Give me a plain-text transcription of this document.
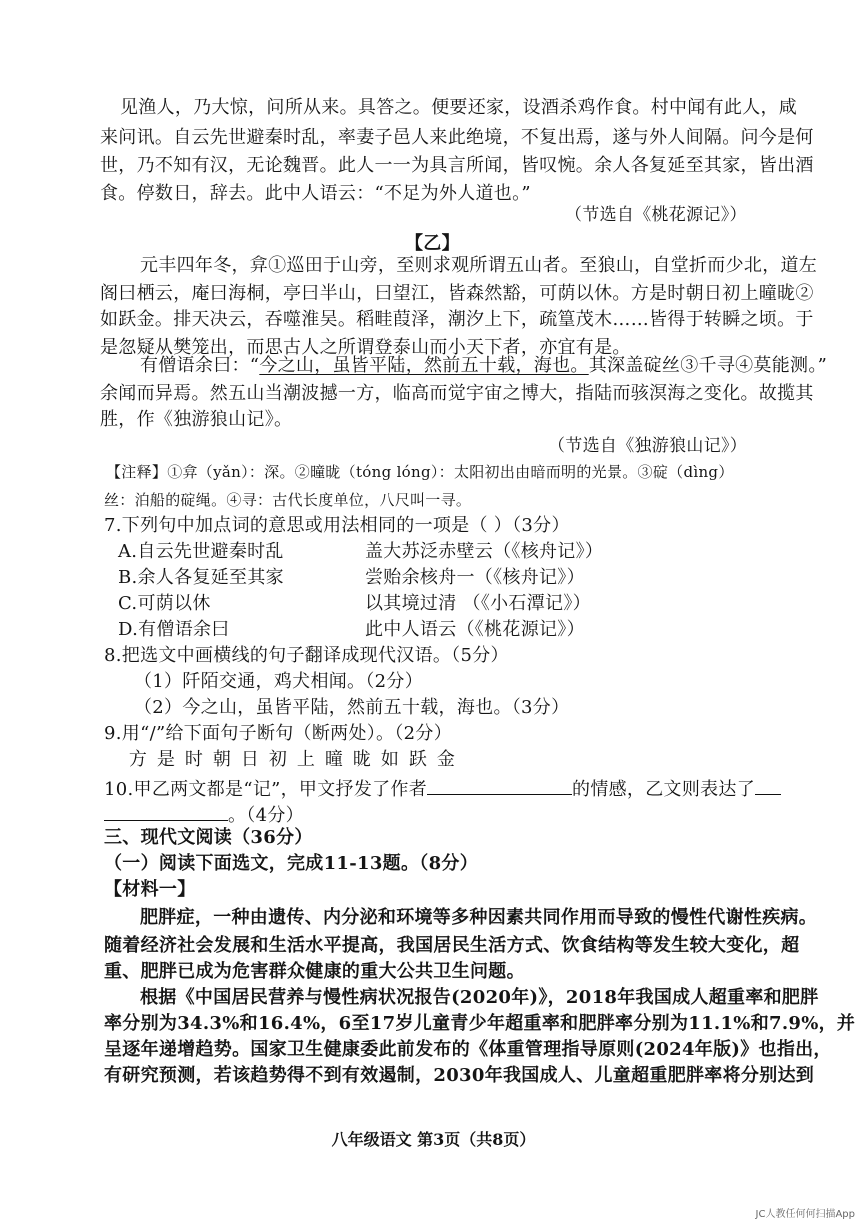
见渔人，乃大惊，问所从来。具答之。便要还家，设酒杀鸡作食。村中闻有此人，咸
来问讯。自云先世避秦时乱，率妻子邑人来此绝境，不复出焉，遂与外人间隔。问今是何
世，乃不知有汉，无论魏晋。此人一一为具言所闻，皆叹惋。余人各复延至其家，皆出酒
食。停数日，辞去。此中人语云：“不足为外人道也。”
（节选自《桃花源记》）
【乙】
元丰四年冬，弇①巡田于山旁，至则求观所谓五山者。至狼山，自堂折而少北，道左
阁曰栖云，庵曰海桐，亭曰半山，曰望江，皆森然豁，可荫以休。方是时朝日初上曈昽②
如跃金。排天决云，吞噬淮吴。稻畦葭泽，潮汐上下，疏篁茂木……皆得于转瞬之顷。于
是忽疑从樊笼出，而思古人之所谓登泰山而小天下者，亦宜有是。
有僧语余曰：“今之山，虽皆平陆，然前五十载，海也。其深盖碇丝③千寻④莫能测。”
余闻而异焉。然五山当潮波撼一方，临高而觉宇宙之博大，指陆而骇溟海之变化。故揽其
胜，作《独游狼山记》。
（节选自《独游狼山记》）
【注释】①弇（yǎn）：深。②曈昽（tóng lóng）：太阳初出由暗而明的光景。③碇（dìng）
丝：泊船的碇绳。④寻：古代长度单位，八尺叫一寻。
7.下列句中加点词的意思或用法相同的一项是（ ）（3分）
A.自云先世避秦时乱	盖大苏泛赤壁云（《核舟记》）
B.余人各复延至其家	尝贻余核舟一（《核舟记》）
C.可荫以休	以其境过清 （《小石潭记》）
D.有僧语余曰	此中人语云（《桃花源记》）
8.把选文中画横线的句子翻译成现代汉语。（5分）
（1）阡陌交通，鸡犬相闻。（2分）
（2）今之山，虽皆平陆，然前五十载，海也。（3分）
9.用“/”给下面句子断句（断两处）。（2分）
方 是 时 朝 日 初 上 曈 昽 如 跃 金
10.甲乙两文都是“记”，甲文抒发了作者	的情感，乙文则表达了
。（4分）
三、现代文阅读（36分）
（一）阅读下面选文，完成11-13题。（8分）
【材料一】
肥胖症，一种由遗传、内分泌和环境等多种因素共同作用而导致的慢性代谢性疾病。
随着经济社会发展和生活水平提高，我国居民生活方式、饮食结构等发生较大变化，超
重、肥胖已成为危害群众健康的重大公共卫生问题。
根据《中国居民营养与慢性病状况报告(2020年)》，2018年我国成人超重率和肥胖
率分别为34.3%和16.4%，6至17岁儿童青少年超重率和肥胖率分别为11.1%和7.9%，并
呈逐年递增趋势。国家卫生健康委此前发布的《体重管理指导原则(2024年版)》也指出，
有研究预测，若该趋势得不到有效遏制，2030年我国成人、儿童超重肥胖率将分别达到
八年级语文 第3页（共8页）
JC人教任何何扫描App
